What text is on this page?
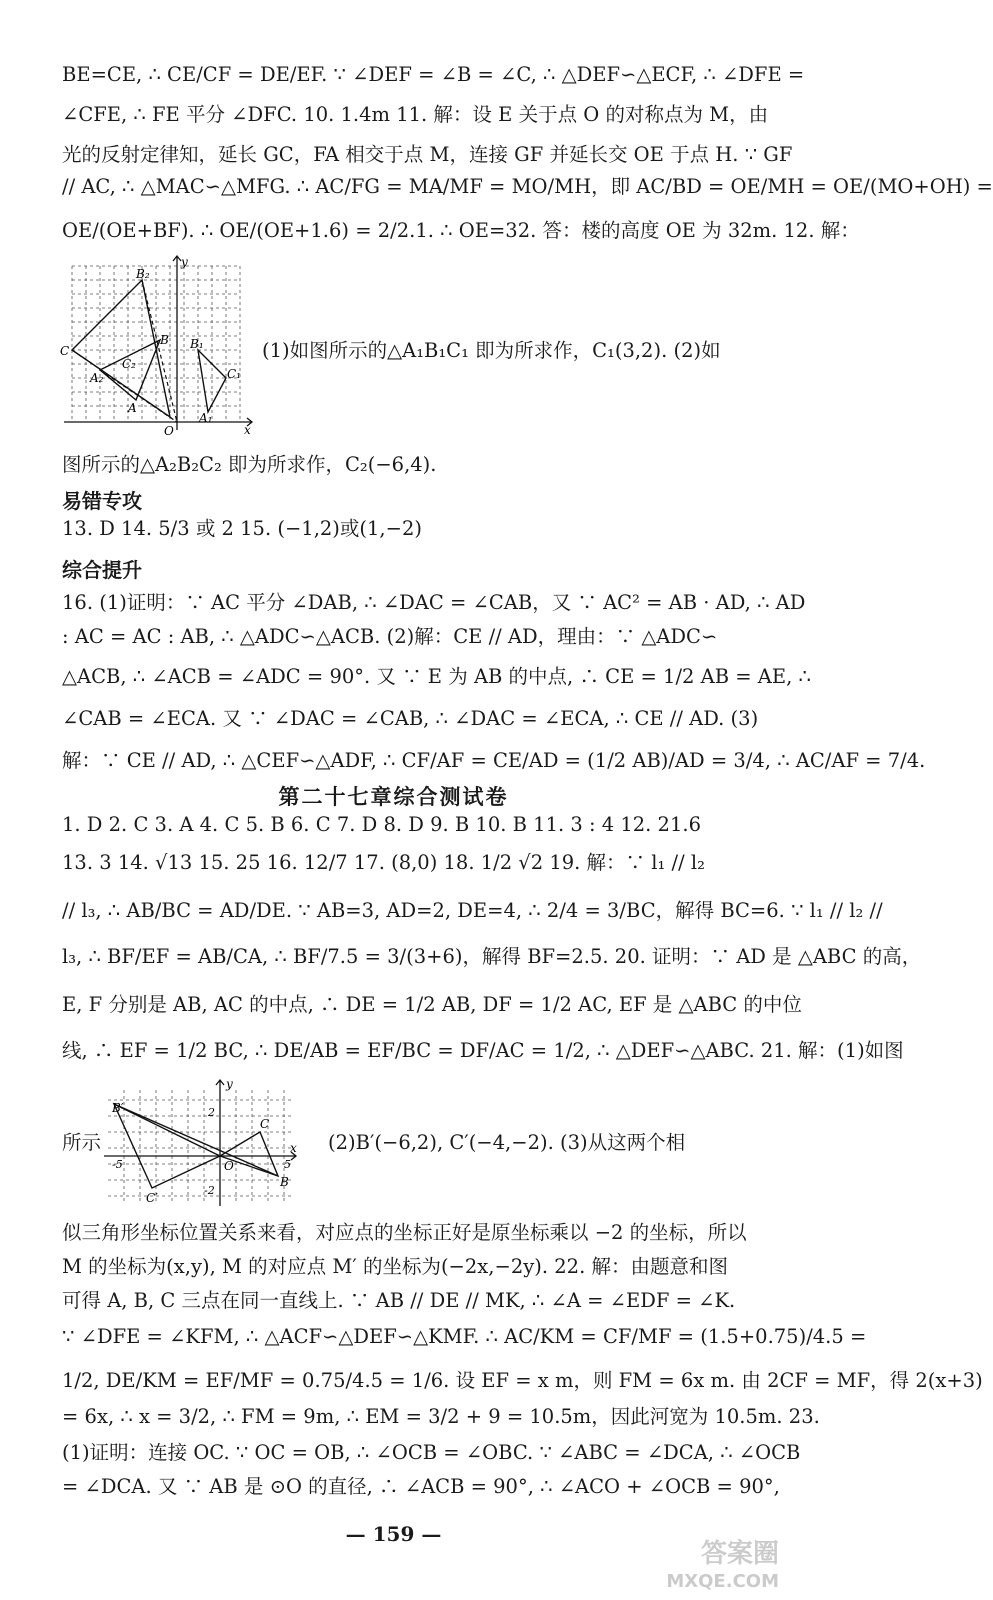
BE=CE, ∴ CE/CF = DE/EF. ∵ ∠DEF = ∠B = ∠C, ∴ △DEF∽△ECF, ∴ ∠DFE =
∠CFE, ∴ FE 平分 ∠DFC. 10. 1.4m 11. 解：设 E 关于点 O 的对称点为 M，由
光的反射定律知，延长 GC，FA 相交于点 M，连接 GF 并延长交 OE 于点 H. ∵ GF
// AC, ∴ △MAC∽△MFG. ∴ AC/FG = MA/MF = MO/MH，即 AC/BD = OE/MH = OE/(MO+OH) =
OE/(OE+BF). ∴ OE/(OE+1.6) = 2/2.1. ∴ OE=32. 答：楼的高度 OE 为 32m. 12. 解：
y
x
O
C
B₂
B B₁
C₁
A₂
A
A₁
C₂
(1)如图所示的△A₁B₁C₁ 即为所求作，C₁(3,2). (2)如
图所示的△A₂B₂C₂ 即为所求作，C₂(−6,4).
易错专攻
13. D 14. 5/3 或 2 15. (−1,2)或(1,−2)
综合提升
16. (1)证明：∵ AC 平分 ∠DAB, ∴ ∠DAC = ∠CAB，又 ∵ AC² = AB · AD, ∴ AD
: AC = AC : AB, ∴ △ADC∽△ACB. (2)解：CE // AD，理由：∵ △ADC∽
△ACB, ∴ ∠ACB = ∠ADC = 90°. 又 ∵ E 为 AB 的中点, ∴ CE = 1/2 AB = AE, ∴
∠CAB = ∠ECA. 又 ∵ ∠DAC = ∠CAB, ∴ ∠DAC = ∠ECA, ∴ CE // AD. (3)
解：∵ CE // AD, ∴ △CEF∽△ADF, ∴ CF/AF = CE/AD = (1/2 AB)/AD = 3/4, ∴ AC/AF = 7/4.
第二十七章综合测试卷
1. D 2. C 3. A 4. C 5. B 6. C 7. D 8. D 9. B 10. B 11. 3 : 4 12. 21.6
13. 3 14. √13 15. 25 16. 12/7 17. (8,0) 18. 1/2 √2 19. 解：∵ l₁ // l₂
// l₃, ∴ AB/BC = AD/DE. ∵ AB=3, AD=2, DE=4, ∴ 2/4 = 3/BC，解得 BC=6. ∵ l₁ // l₂ //
l₃, ∴ BF/EF = AB/CA, ∴ BF/7.5 = 3/(3+6)，解得 BF=2.5. 20. 证明：∵ AD 是 △ABC 的高，
E, F 分别是 AB, AC 的中点, ∴ DE = 1/2 AB, DF = 1/2 AC, EF 是 △ABC 的中位
线, ∴ EF = 1/2 BC, ∴ DE/AB = EF/BC = DF/AC = 1/2, ∴ △DEF∽△ABC. 21. 解：(1)如图
所示
y
x
O
B′
C
C′
B
2
-2
-5	5
(2)B′(−6,2), C′(−4,−2). (3)从这两个相
似三角形坐标位置关系来看，对应点的坐标正好是原坐标乘以 −2 的坐标，所以
M 的坐标为(x,y), M 的对应点 M′ 的坐标为(−2x,−2y). 22. 解：由题意和图
可得 A, B, C 三点在同一直线上. ∵ AB // DE // MK, ∴ ∠A = ∠EDF = ∠K.
∵ ∠DFE = ∠KFM, ∴ △ACF∽△DEF∽△KMF. ∴ AC/KM = CF/MF = (1.5+0.75)/4.5 =
1/2, DE/KM = EF/MF = 0.75/4.5 = 1/6. 设 EF = x m，则 FM = 6x m. 由 2CF = MF，得 2(x+3)
= 6x, ∴ x = 3/2, ∴ FM = 9m, ∴ EM = 3/2 + 9 = 10.5m，因此河宽为 10.5m. 23.
(1)证明：连接 OC. ∵ OC = OB, ∴ ∠OCB = ∠OBC. ∵ ∠ABC = ∠DCA, ∴ ∠OCB
= ∠DCA. 又 ∵ AB 是 ⊙O 的直径, ∴ ∠ACB = 90°, ∴ ∠ACO + ∠OCB = 90°,
— 159 —
答案圈
MXQE.COM
